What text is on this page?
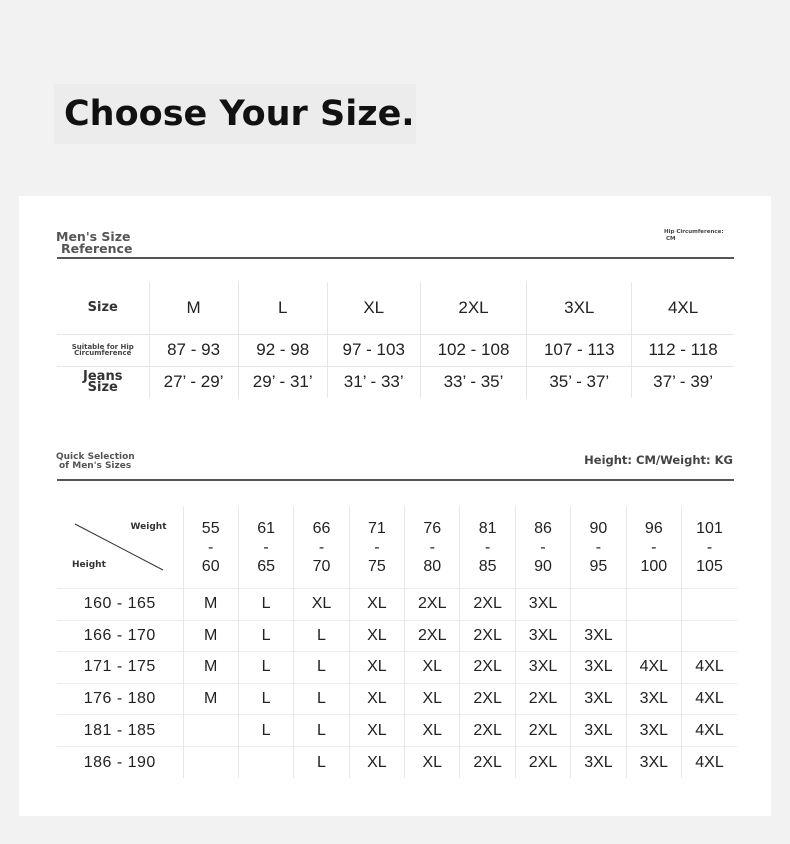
Choose Your Size.
Men's Size
Reference
Hip Circumference:
CM
Size	M	L	XL	2XL	3XL	4XL

Suitable for Hip
Circumference	87 - 93	92 - 98	97 - 103	102 - 108	107 - 113	112 - 118

Jeans
Size	27’ - 29’	29’ - 31’	31’ - 33’	33’ - 35’	35’ - 37’	37’ - 39’
Quick Selection
of Men's Sizes	Height: CM/Weight: KG
Weight
Height	55
-
60	61
-
65	66
-
70	71
-
75	76
-
80	81
-
85	86
-
90	90
-
95	96
-
100	101
-
105

160 - 165	M	L	XL	XL	2XL	2XL	3XL			
166 - 170	M	L	L	XL	2XL	2XL	3XL	3XL		
171 - 175	M	L	L	XL	XL	2XL	3XL	3XL	4XL	4XL
176 - 180	M	L	L	XL	XL	2XL	2XL	3XL	3XL	4XL
181 - 185		L	L	XL	XL	2XL	2XL	3XL	3XL	4XL
186 - 190			L	XL	XL	2XL	2XL	3XL	3XL	4XL
